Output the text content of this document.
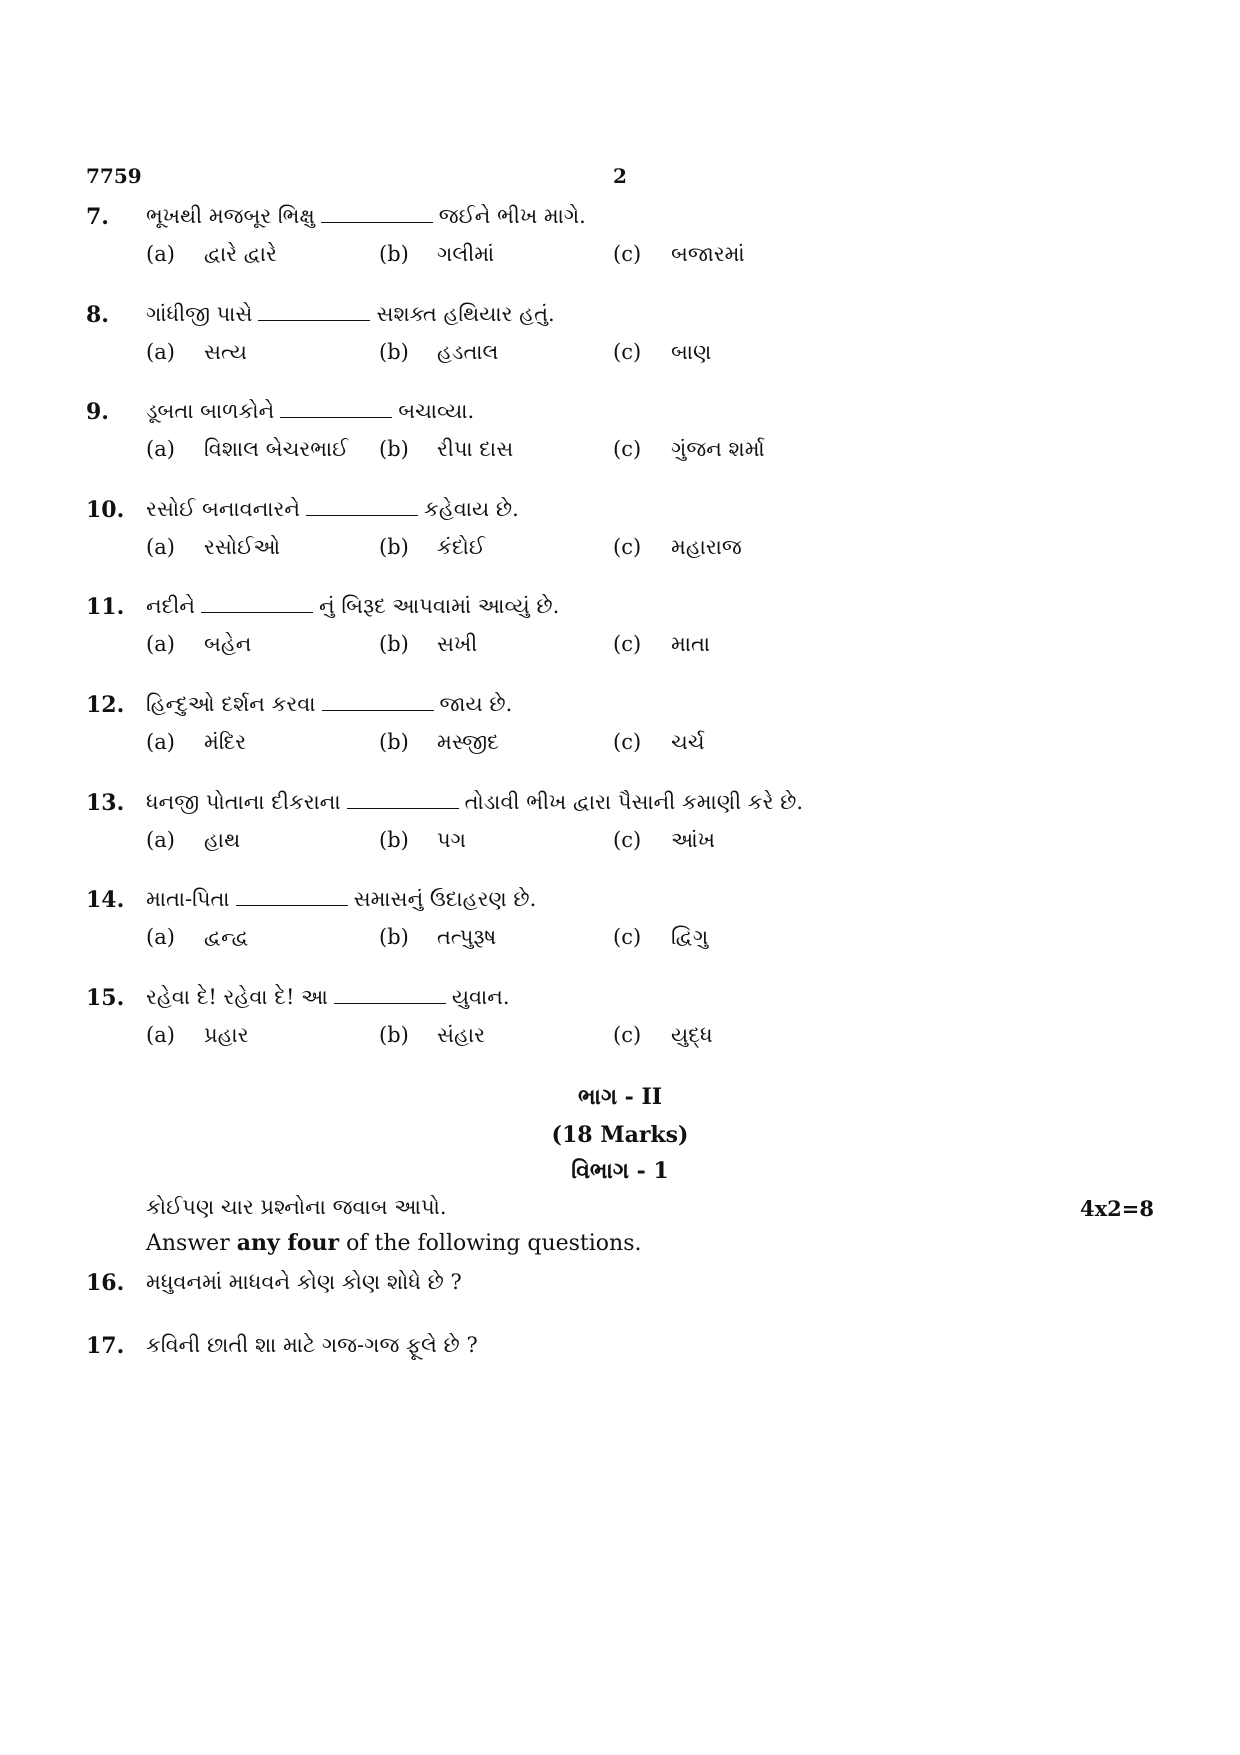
7759	2
7. ભૂખથી મજબૂર ભિક્ષુ	જઈને ભીખ માગે.
(a) દ્વારે દ્વારે	(b) ગલીમાં	(c) બજારમાં
8. ગાંધીજી પાસે	સશક્ત હથિયાર હતું.
(a) સત્ય	(b) હડતાલ	(c) બાણ
9. ડૂબતા બાળકોને	બચાવ્યા.
(a) વિશાલ બેચરભાઈ (b) રીપા દાસ	(c) ગુંજન શર્મા
10. રસોઈ બનાવનારને	કહેવાય છે.
(a) રસોઈઓ	(b) કંદોઈ	(c) મહારાજ
11. નદીને	નું બિરૂદ આપવામાં આવ્યું છે.
(a) બહેન	(b) સખી	(c) માતા
12. હિન્દુઓ દર્શન કરવા	જાય છે.
(a) મંદિર	(b) મસ્જીદ	(c) ચર્ચ
13. ધનજી પોતાના દીકરાના	તોડાવી ભીખ દ્વારા પૈસાની કમાણી કરે છે.
(a) હાથ	(b) પગ	(c) આંખ
14. માતા-પિતા	સમાસનું ઉદાહરણ છે.
(a) દ્વન્દ્વ	(b) તત્પુરૂષ	(c) દ્વિગુ
15. રહેવા દે! રહેવા દે! આ	યુવાન.
(a) પ્રહાર	(b) સંહાર	(c) યુદ્ધ
ભાગ - II
(18 Marks)
વિભાગ - 1
કોઈપણ ચાર પ્રશ્નોના જવાબ આપો.	4x2=8
Answer any four of the following questions.
16. મધુવનમાં માધવને કોણ કોણ શોધે છે ?
17. કવિની છાતી શા માટે ગજ-ગજ ફૂલે છે ?
